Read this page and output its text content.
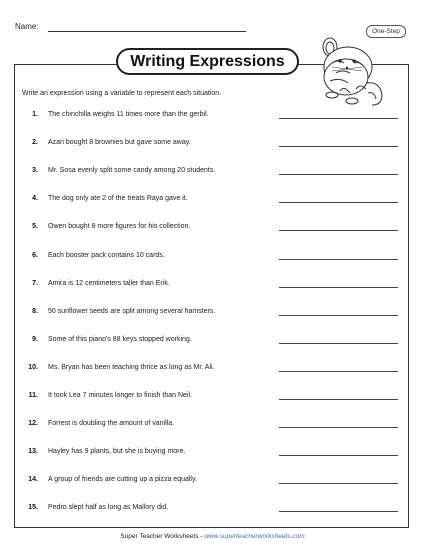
Name:
One-Step
Writing Expressions
Write an expression using a variable to represent each situation.
1. The chinchilla weighs 11 times more than the gerbil.
2. Azari bought 8 brownies but gave some away.
3. Mr. Sosa evenly split some candy among 20 students.
4. The dog only ate 2 of the treats Raya gave it.
5. Owen bought 8 more figures for his collection.
6. Each booster pack contains 10 cards.
7. Amira is 12 centimeters taller than Erik.
8. 50 sunflower seeds are split among several hamsters.
9. Some of this piano's 88 keys stopped working.
10. Ms. Bryan has been teaching thrice as long as Mr. Ali.
11. It took Lea 7 minutes longer to finish than Neil.
12. Forrest is doubling the amount of vanilla.
13. Hayley has 9 plants, but she is buying more.
14. A group of friends are cutting up a pizza equally.
15. Pedro slept half as long as Mallory did.
Super Teacher Worksheets - www.superteacherworksheets.com
